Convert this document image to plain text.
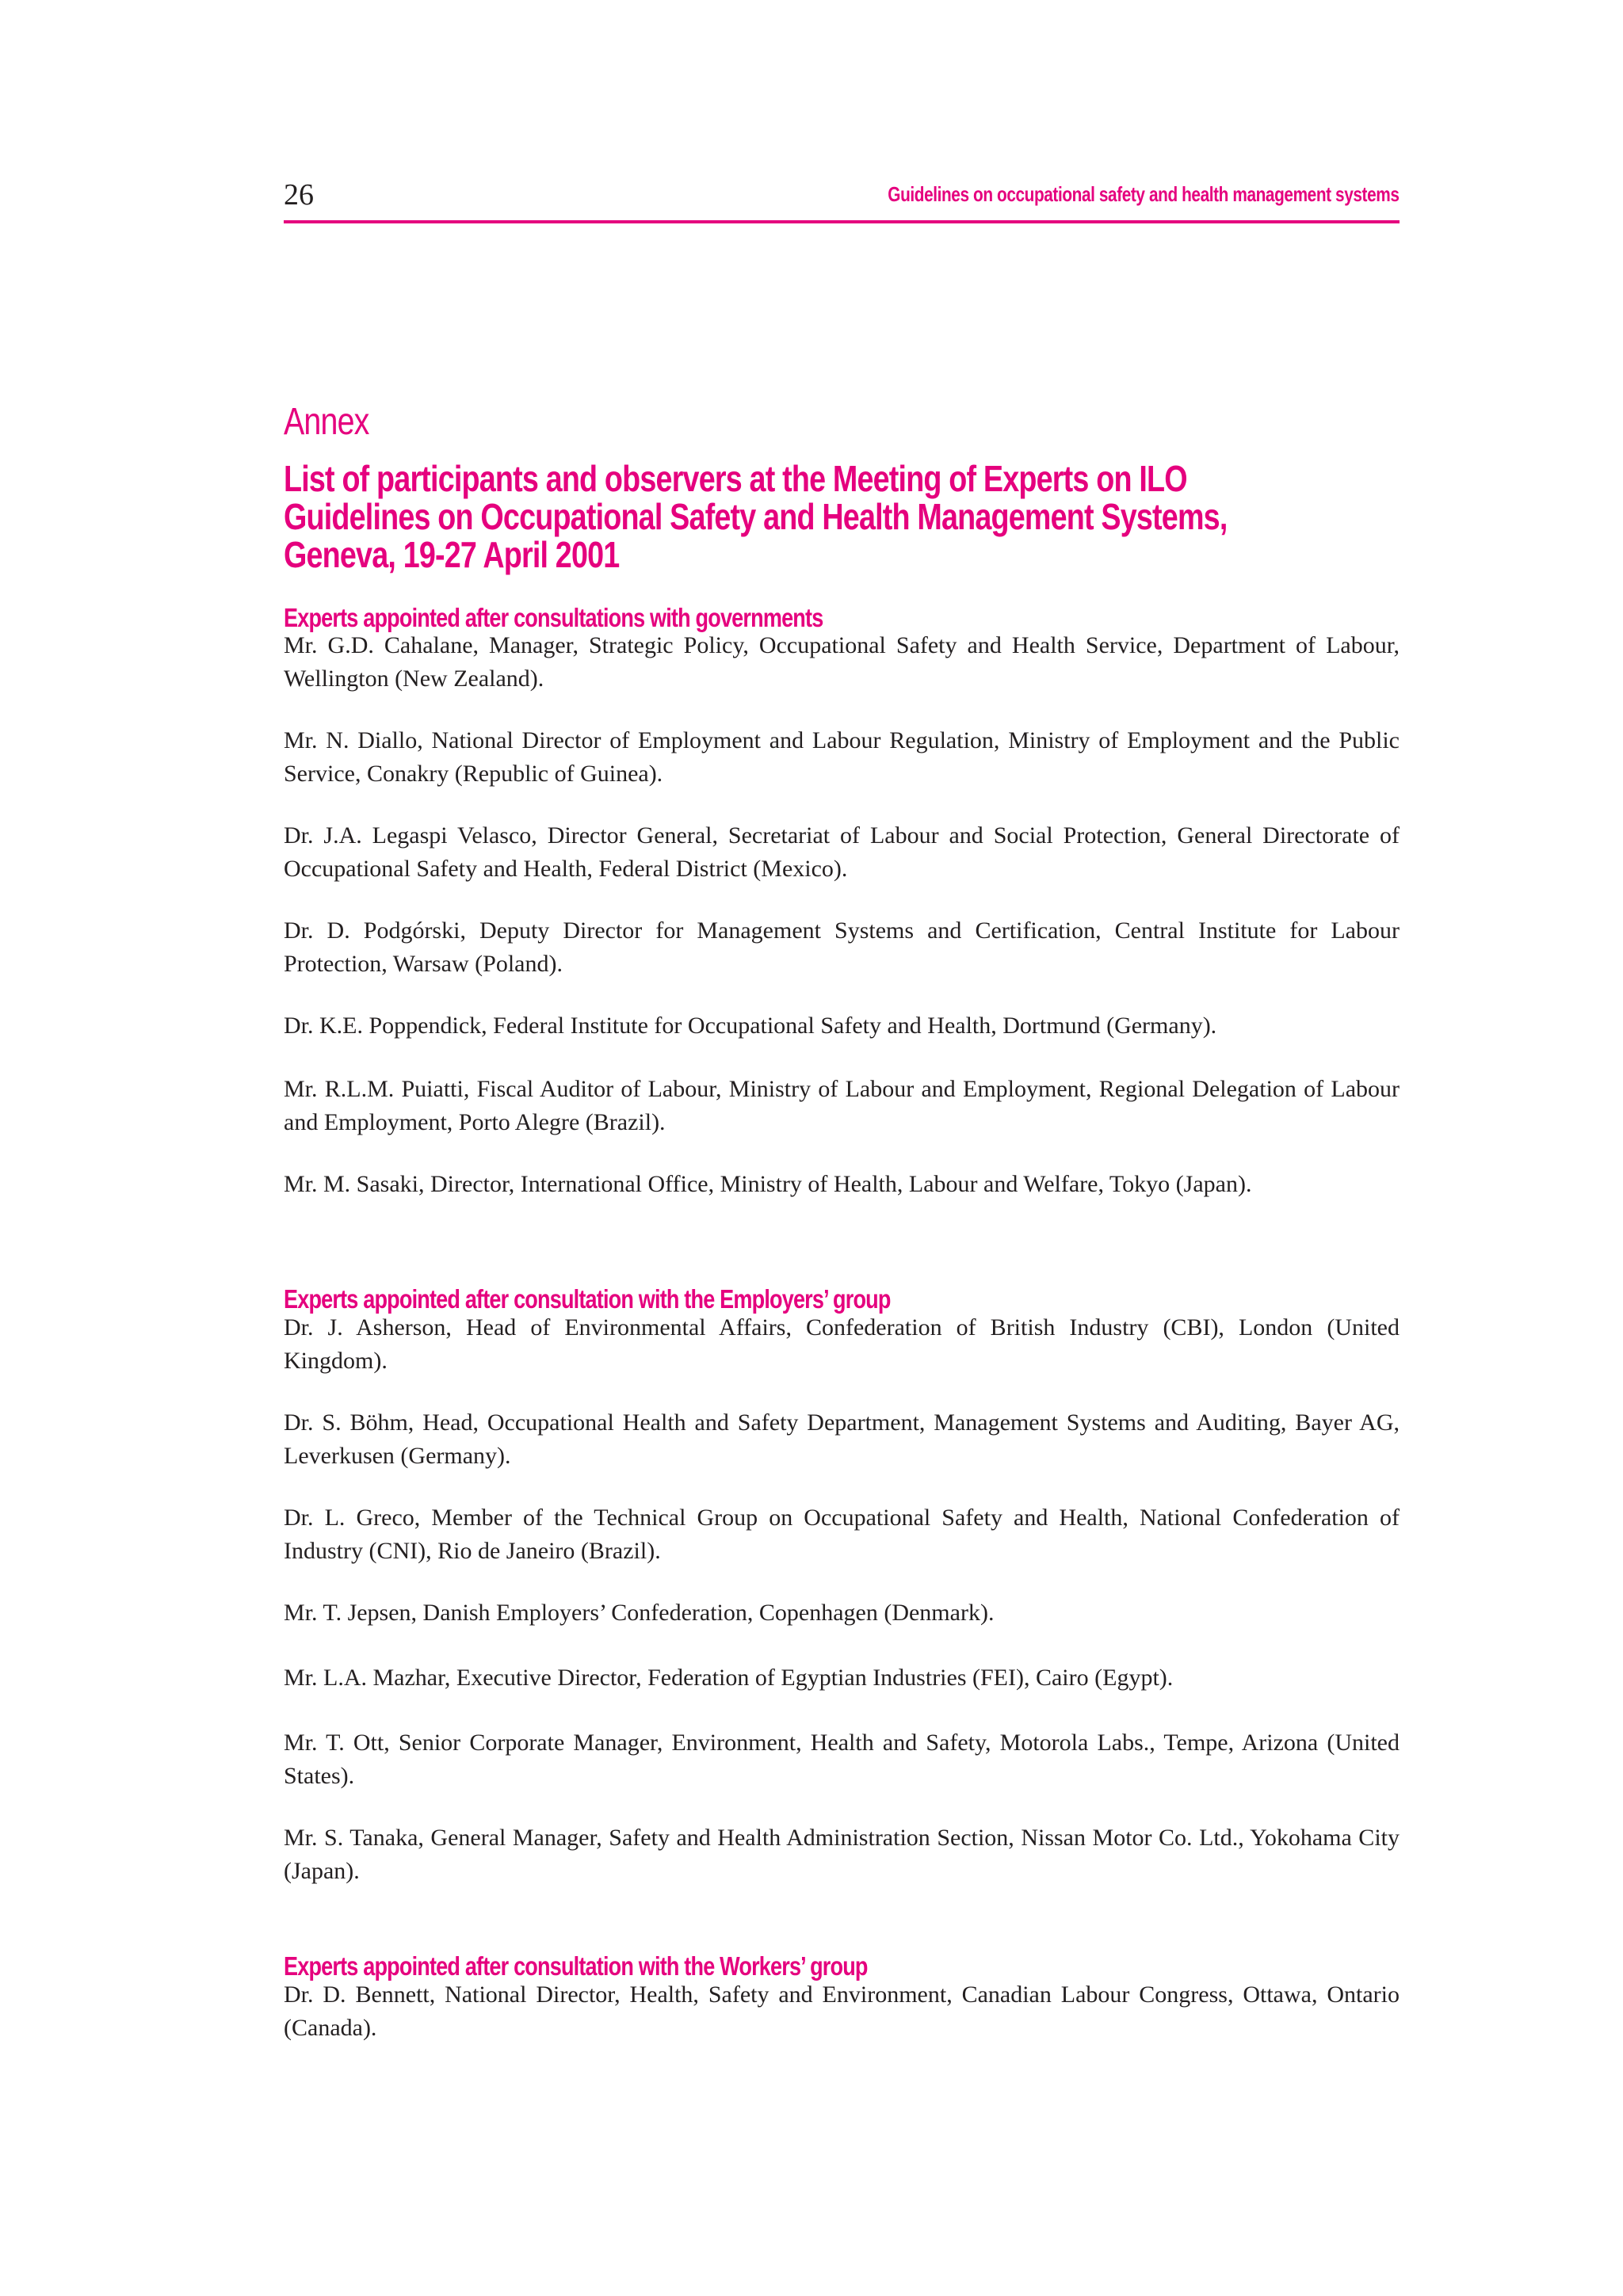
26	Guidelines on occupational safety and health management systems
Annex
List of participants and observers at the Meeting of Experts on ILO
Guidelines on Occupational Safety and Health Management Systems,
Geneva, 19-27 April 2001
Experts appointed after consultations with governments

Mr. G.D. Cahalane, Manager, Strategic Policy, Occupational Safety and Health Service, Department of Labour, Wellington (New Zealand).

Mr. N. Diallo, National Director of Employment and Labour Regulation, Ministry of Employment and the Public Service, Conakry (Republic of Guinea).

Dr. J.A. Legaspi Velasco, Director General, Secretariat of Labour and Social Protection, General Directorate of Occupational Safety and Health, Federal District (Mexico).

Dr. D. Podgórski, Deputy Director for Management Systems and Certification, Central Institute for Labour Protection, Warsaw (Poland).

Dr. K.E. Poppendick, Federal Institute for Occupational Safety and Health, Dortmund (Germany).

Mr. R.L.M. Puiatti, Fiscal Auditor of Labour, Ministry of Labour and Employment, Regional Delegation of Labour and Employment, Porto Alegre (Brazil).

Mr. M. Sasaki, Director, International Office, Ministry of Health, Labour and Welfare, Tokyo (Japan).

Experts appointed after consultation with the Employers’ group

Dr. J. Asherson, Head of Environmental Affairs, Confederation of British Industry (CBI), London (United Kingdom).

Dr. S. Böhm, Head, Occupational Health and Safety Department, Management Systems and Auditing, Bayer AG, Leverkusen (Germany).

Dr. L. Greco, Member of the Technical Group on Occupational Safety and Health, National Confederation of Industry (CNI), Rio de Janeiro (Brazil).

Mr. T. Jepsen, Danish Employers’ Confederation, Copenhagen (Denmark).

Mr. L.A. Mazhar, Executive Director, Federation of Egyptian Industries (FEI), Cairo (Egypt).

Mr. T. Ott, Senior Corporate Manager, Environment, Health and Safety, Motorola Labs., Tempe, Arizona (United States).

Mr. S. Tanaka, General Manager, Safety and Health Administration Section, Nissan Motor Co. Ltd., Yokohama City (Japan).

Experts appointed after consultation with the Workers’ group

Dr. D. Bennett, National Director, Health, Safety and Environment, Canadian Labour Congress, Ottawa, Ontario (Canada).
